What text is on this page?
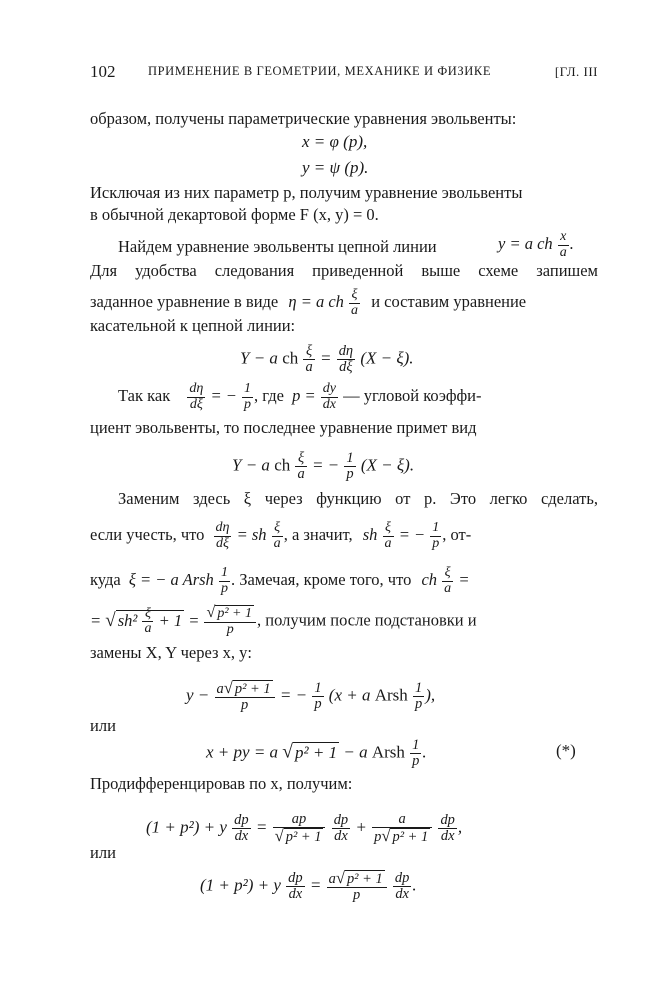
102	ПРИМЕНЕНИЕ В ГЕОМЕТРИИ, МЕХАНИКЕ И ФИЗИКЕ	[ГЛ. III
образом, получены параметрические уравнения эвольвенты:
x = φ (p),
y = ψ (p).
Исключая из них параметр p, получим уравнение эвольвенты
в обычной декартовой форме F (x, y) = 0.
Найдем уравнение эвольвенты цепной линии	y = a ch $\frac{x}{a}$ .
Для удобства следования приведенной выше схеме запишем
заданное уравнение в виде η = a ch $\frac{\xi}{a}$ и составим уравнение
касательной к цепной линии:
Y − a ch $\frac{\xi}{a} = \frac{d\eta}{d\xi} (X - \xi)$.
Так как $\frac{d\eta}{d\xi}$ = − $\frac{1}{p}$ , где $p = \frac{dy}{dx}$ — угловой коэффи-
циент эвольвенты, то последнее уравнение примет вид
Y − a ch $\frac{\xi}{a}$ = − $\frac{1}{p} (X - \xi)$.
Заменим здесь ξ через функцию от p. Это легко сделать,
если учесть, что $\frac{d\eta}{d\xi}$ = sh $\frac{\xi}{a}$ , а значит, sh $\frac{\xi}{a}$ = − $\frac{1}{p}$ , от-
куда ξ = − a Arsh $\frac{1}{p}$ . Замечая, кроме того, что ch $\frac{\xi}{a}$ =
= √ $sh^2 \frac{\xi}{a} + 1 = \frac{\text{√ p² + 1}}{p}$ , получим после подстановки и
замены X, Y через x, y:
$y - \frac{\text{a√ p² + 1}}{p}$ = − $\frac{1}{p} (x + a$ Arsh $\frac{1}{p}$ ),
или
x + py = a √ p² + 1 − a Arsh $\frac{1}{p}$ .	(*)
Продифференцировав по x, получим:
(1 + p²) + y $\frac{dp}{dx} = \frac{ap}{\text{√ p² + 1}}$
$\frac{dp}{dx} + \frac{a}{\text{p√ p² + 1}}$
$\frac{dp}{dx}$ ,
или
(1 + p²) + y $\frac{dp}{dx} = \frac{\text{a√ p² + 1}}{p}$
$\frac{dp}{dx}$ .
